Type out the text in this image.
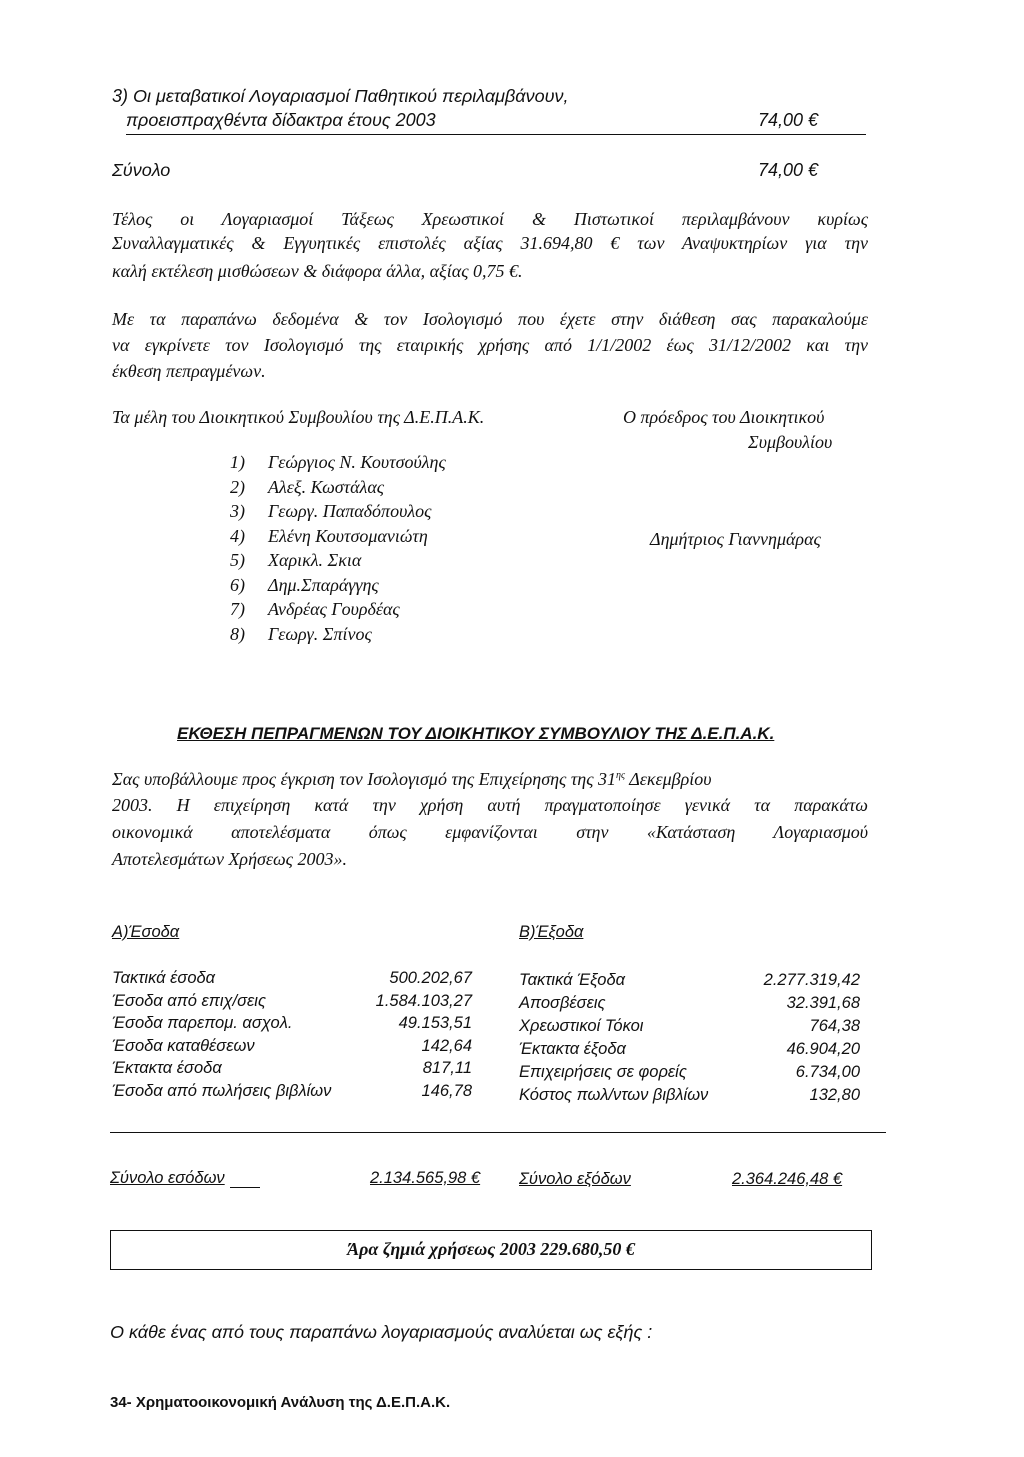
3) Οι μεταβατικοί Λογαριασμοί Παθητικού περιλαμβάνουν,
προεισπραχθέντα δίδακτρα έτους 2003	74,00 €
Σύνολο	74,00 €
Τέλος οι Λογαριασμοί Τάξεως Χρεωστικοί & Πιστωτικοί περιλαμβάνουν κυρίως
Συναλλαγματικές & Εγγυητικές επιστολές αξίας 31.694,80 € των Αναψυκτηρίων για την
καλή εκτέλεση μισθώσεων & διάφορα άλλα, αξίας 0,75 €.
Με τα παραπάνω δεδομένα & τον Ισολογισμό που έχετε στην διάθεση σας παρακαλούμε
να εγκρίνετε τον Ισολογισμό της εταιρικής χρήσης από 1/1/2002 έως 31/12/2002 και την
έκθεση πεπραγμένων.
Τα μέλη του Διοικητικού Συμβουλίου της Δ.Ε.Π.Α.Κ.
1) Γεώργιος Ν. Κουτσούλης
2) Αλεξ. Κωστάλας
3) Γεωργ. Παπαδόπουλος
4) Ελένη Κουτσομανιώτη
5) Χαρικλ. Σκια
6) Δημ.Σπαράγγης
7) Ανδρέας Γουρδέας
8) Γεωργ. Σπίνος
Ο πρόεδρος του Διοικητικού
Συμβουλίου
Δημήτριος Γιαννημάρας
ΕΚΘΕΣΗ ΠΕΠΡΑΓΜΕΝΩΝ ΤΟΥ ΔΙΟΙΚΗΤΙΚΟΥ ΣΥΜΒΟΥΛΙΟΥ ΤΗΣ Δ.Ε.Π.Α.Κ.
Σας υποβάλλουμε προς έγκριση τον Ισολογισμό της Επιχείρησης της $31^{\eta\varsigma}$ Δεκεμβρίου
2003. Η επιχείρηση κατά την χρήση αυτή πραγματοποίησε γενικά τα παρακάτω
οικονομικά αποτελέσματα όπως εμφανίζονται στην «Κατάσταση Λογαριασμού
Αποτελεσμάτων Χρήσεως 2003».
Α)Έσοδα
Τακτικά έσοδα	500.202,67
Έσοδα από επιχ/σεις	1.584.103,27
Έσοδα παρεπομ. ασχολ.	49.153,51
Έσοδα καταθέσεων	142,64
Έκτακτα έσοδα	817,11
Έσοδα από πωλήσεις βιβλίων	146,78
Β)Έξοδα
Τακτικά Έξοδα	2.277.319,42
Αποσβέσεις	32.391,68
Χρεωστικοί Τόκοι	764,38
Έκτακτα έξοδα	46.904,20
Επιχειρήσεις σε φορείς	6.734,00
Κόστος πωλ/ντων βιβλίων	132,80
Σύνολο εσόδων	2.134.565,98 € Σύνολο εξόδων	2.364.246,48 €
Άρα ζημιά χρήσεως 2003 229.680,50 €
Ο κάθε ένας από τους παραπάνω λογαριασμούς αναλύεται ως εξής :
34- Χρηματοοικονομική Ανάλυση της Δ.Ε.Π.Α.Κ.
